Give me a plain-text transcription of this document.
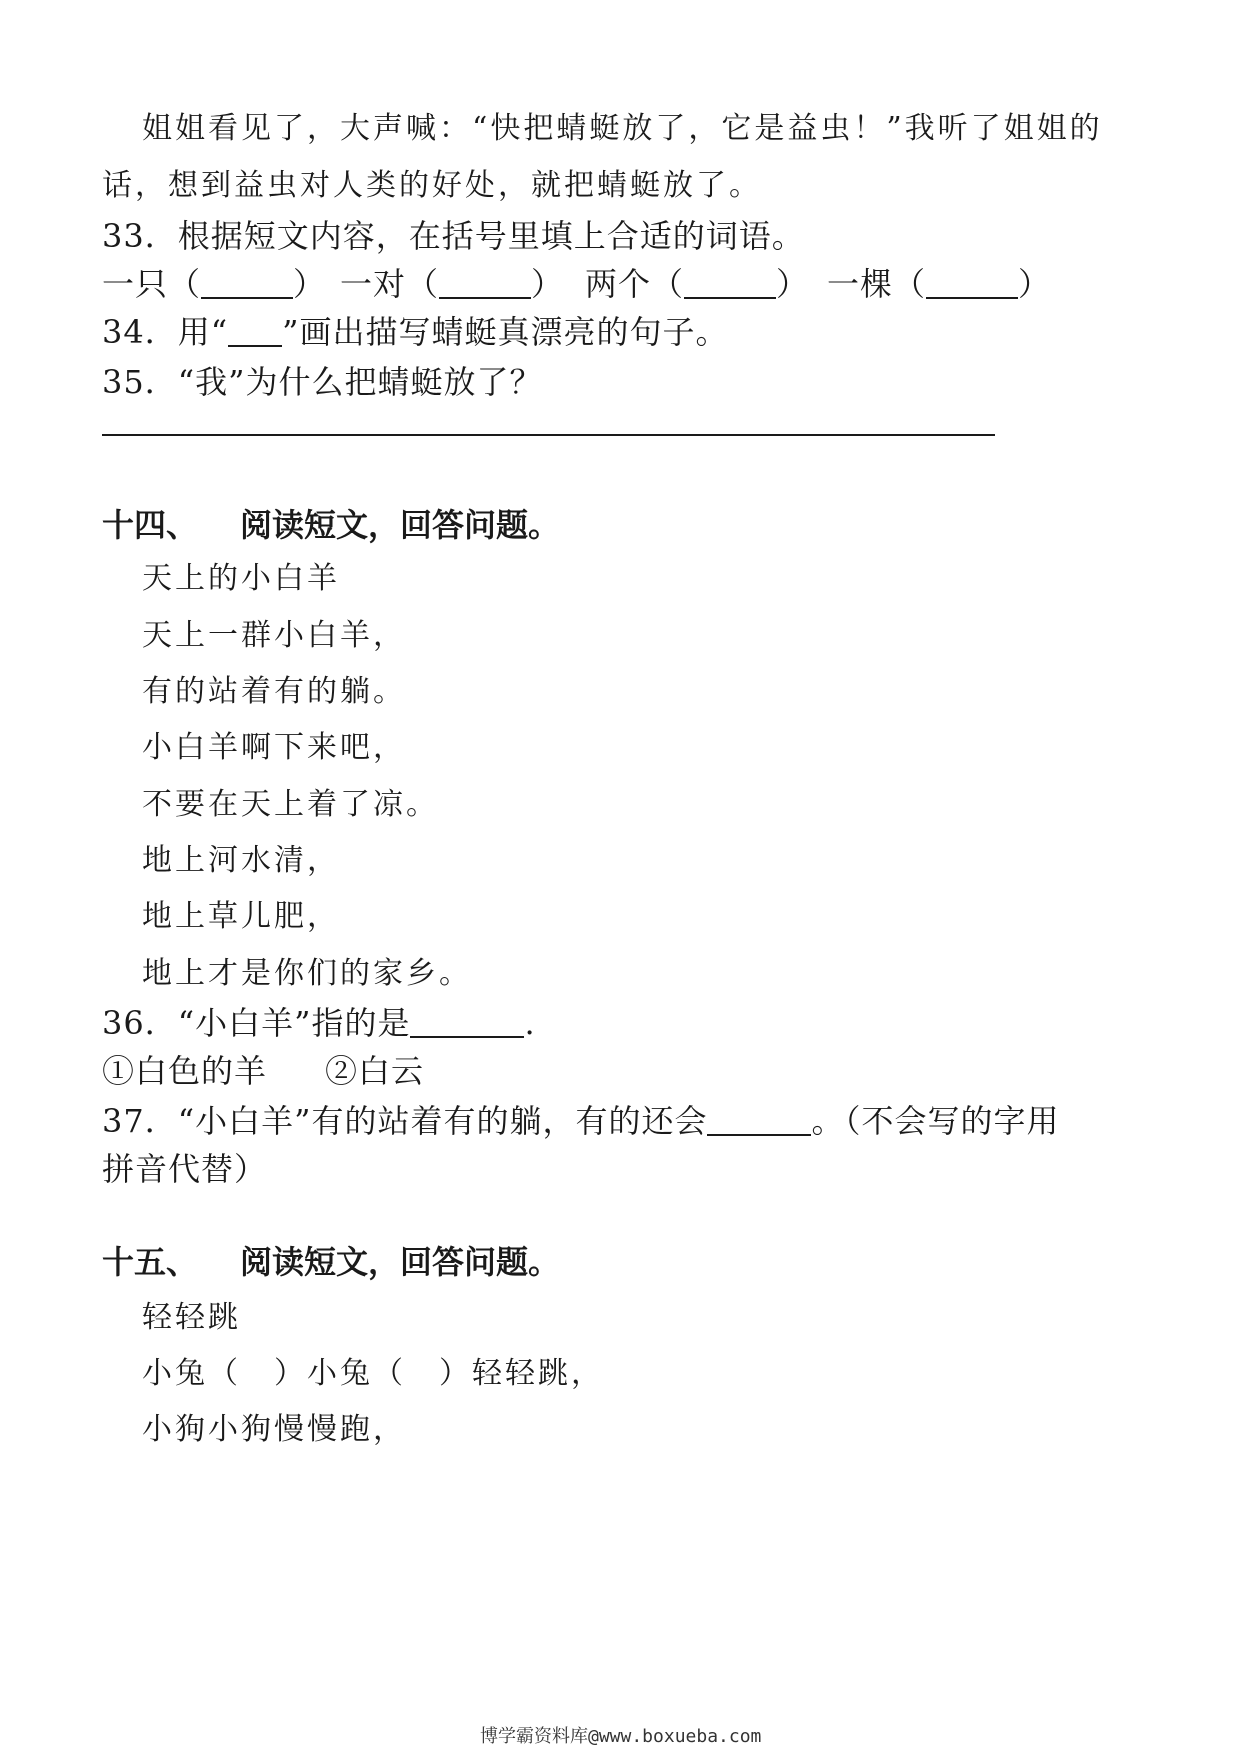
姐姐看见了，大声喊：“快把蜻蜓放了，它是益虫！”我听了姐姐的
话，想到益虫对人类的好处，就把蜻蜓放了。
33．根据短文内容，在括号里填上合适的词语。
一只（	） 一对（	） 两个（	） 一棵（	）
34．用“ ”画出描写蜻蜓真漂亮的句子。
35．“我”为什么把蜻蜓放了？
十四、 阅读短文，回答问题。
天上的小白羊
天上一群小白羊，
有的站着有的躺。
小白羊啊下来吧，
不要在天上着了凉。
地上河水清，
地上草儿肥，
地上才是你们的家乡。
36．“小白羊”指的是	.
①白色的羊 ②白云
37．“小白羊”有的站着有的躺，有的还会	。（不会写的字用
拼音代替）
十五、 阅读短文，回答问题。
轻轻跳
小兔（　）小兔（　）轻轻跳，
小狗小狗慢慢跑，
博学霸资料库@www.boxueba.com
